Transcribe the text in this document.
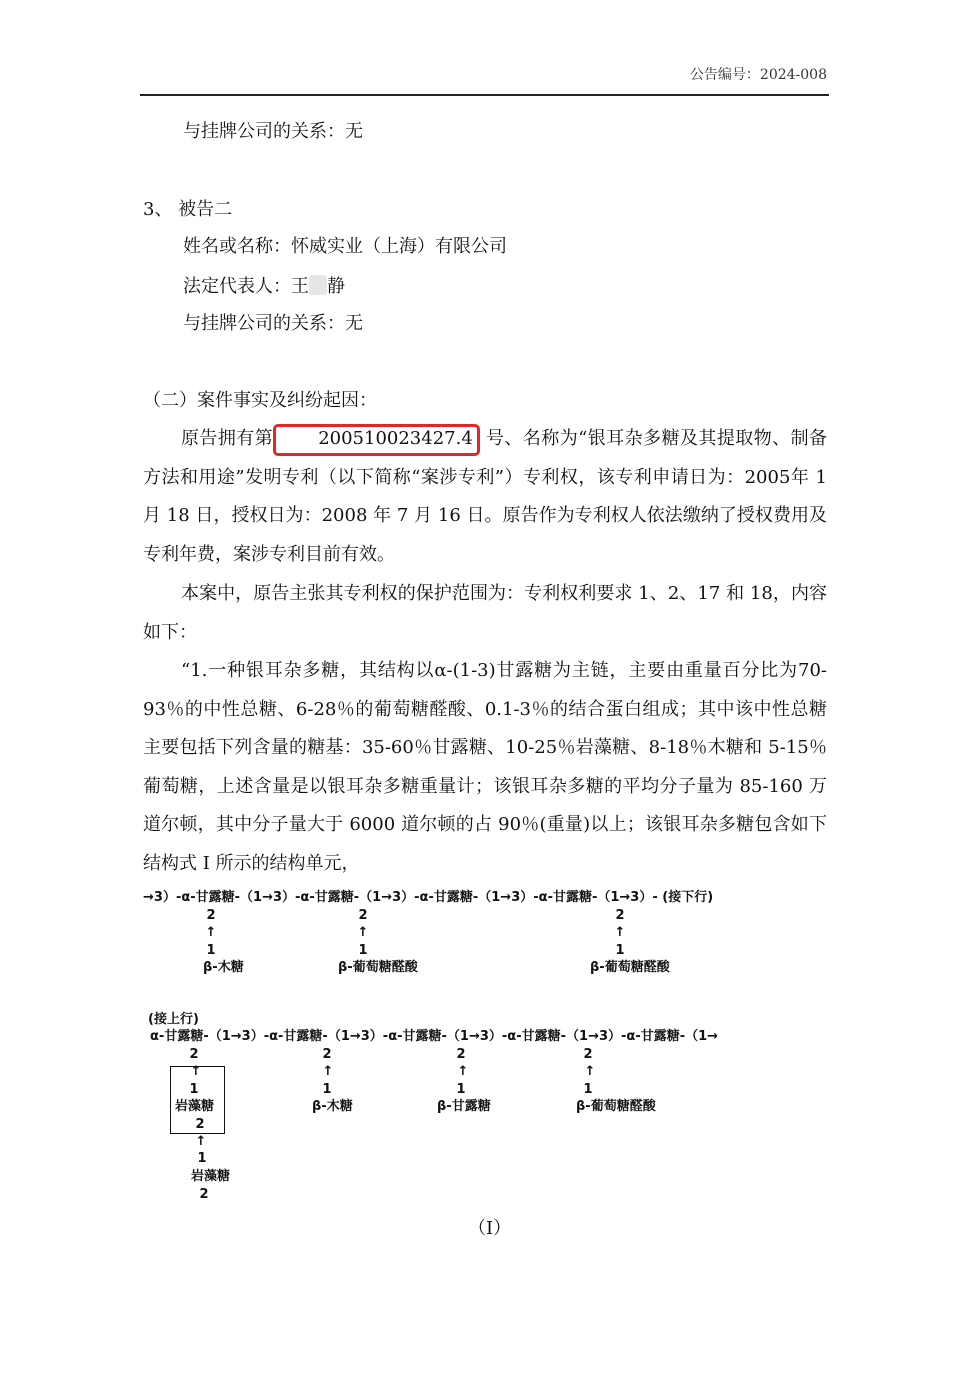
公告编号：2024-008
与挂牌公司的关系：无
3、 被告二
姓名或名称：怀威实业（上海）有限公司
法定代表人：王 静
与挂牌公司的关系：无
（二）案件事实及纠纷起因：
原告拥有第	200510023427.4 号、名称为“银耳杂多糖及其提取物、制备方法和用途”发明专利（以下简称“案涉专利”）专利权，该专利申请日为：2005年 1 月 18 日，授权日为：2008 年 7 月 16 日。原告作为专利权人依法缴纳了授权费用及专利年费，案涉专利目前有效。
本案中，原告主张其专利权的保护范围为：专利权利要求 1、2、17 和 18，内容如下：
“1.一种银耳杂多糖，其结构以α-(1-3)甘露糖为主链，主要由重量百分比为70-93％的中性总糖、6-28％的葡萄糖醛酸、0.1-3％的结合蛋白组成；其中该中性总糖主要包括下列含量的糖基：35-60％甘露糖、10-25％岩藻糖、8-18％木糖和 5-15％葡萄糖，上述含量是以银耳杂多糖重量计；该银耳杂多糖的平均分子量为 85-160 万道尔顿，其中分子量大于 6000 道尔顿的占 90％(重量)以上；该银耳杂多糖包含如下结构式 I 所示的结构单元，
→3）-α-甘露糖-（1→3）-α-甘露糖-（1→3）-α-甘露糖-（1→3）-α-甘露糖-（1→3）- (接下行)
2
↑
1
β-木糖
2
↑
1
β-葡萄糖醛酸
2
↑
1
β-葡萄糖醛酸
(接上行)
α-甘露糖-（1→3）-α-甘露糖-（1→3）-α-甘露糖-（1→3）-α-甘露糖-（1→3）-α-甘露糖-（1→
2
↑
1
岩藻糖
2
↑
1
岩藻糖
2
2
↑
1
β-木糖
2
↑
1
β-甘露糖
2
↑
1
β-葡萄糖醛酸
（Ⅰ）
